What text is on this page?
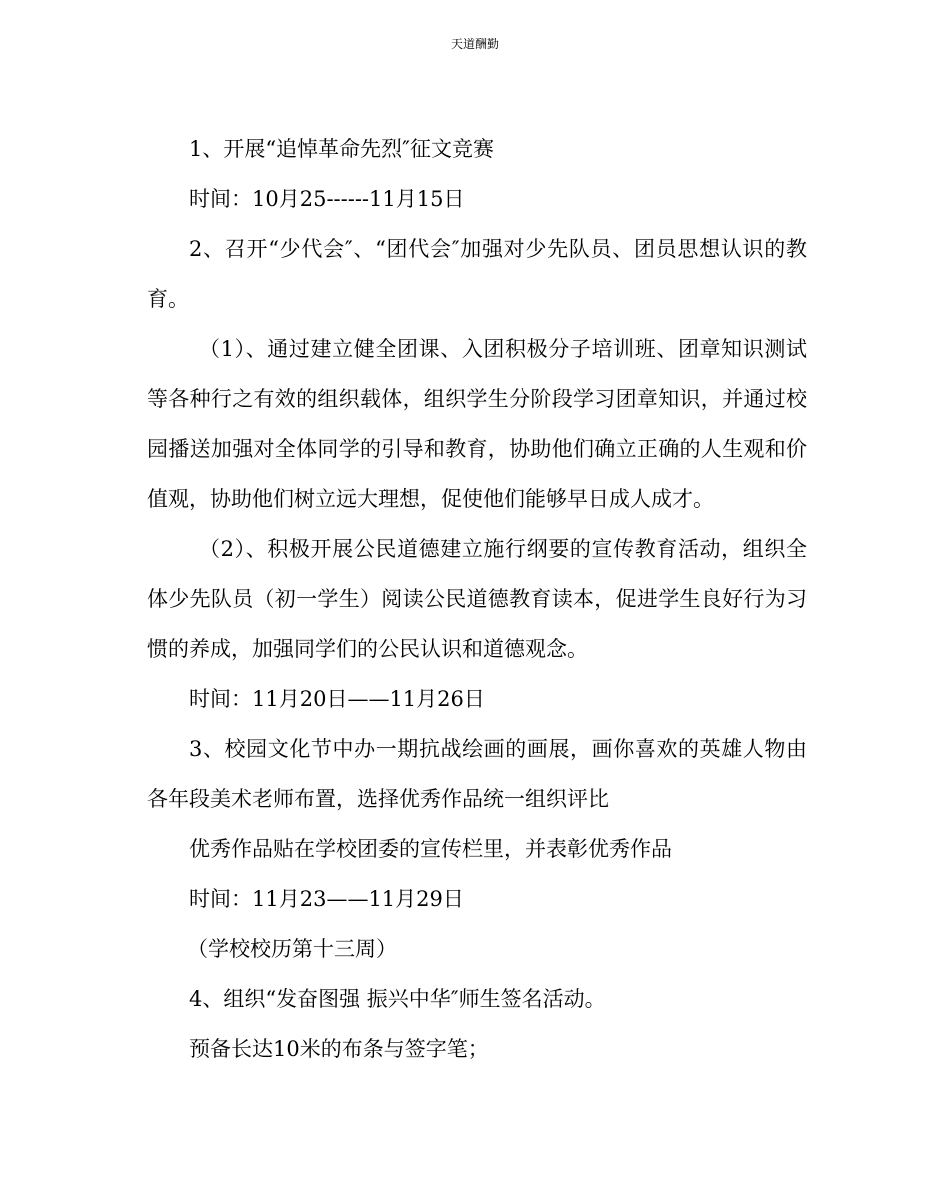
天道酬勤

1、开展“追悼革命先烈″征文竞赛

时间：10月25------11月15日

2、召开“少代会″、“团代会″加强对少先队员、团员思想认识的教育。

（1）、通过建立健全团课、入团积极分子培训班、团章知识测试等各种行之有效的组织载体，组织学生分阶段学习团章知识，并通过校园播送加强对全体同学的引导和教育，协助他们确立正确的人生观和价值观，协助他们树立远大理想，促使他们能够早日成人成才。

（2）、积极开展公民道德建立施行纲要的宣传教育活动，组织全体少先队员（初一学生）阅读公民道德教育读本，促进学生良好行为习惯的养成，加强同学们的公民认识和道德观念。

时间：11月20日——11月26日

3、校园文化节中办一期抗战绘画的画展，画你喜欢的英雄人物由各年段美术老师布置，选择优秀作品统一组织评比

优秀作品贴在学校团委的宣传栏里，并表彰优秀作品

时间：11月23——11月29日

（学校校历第十三周）

4、组织“发奋图强 振兴中华″师生签名活动。

预备长达10米的布条与签字笔；
